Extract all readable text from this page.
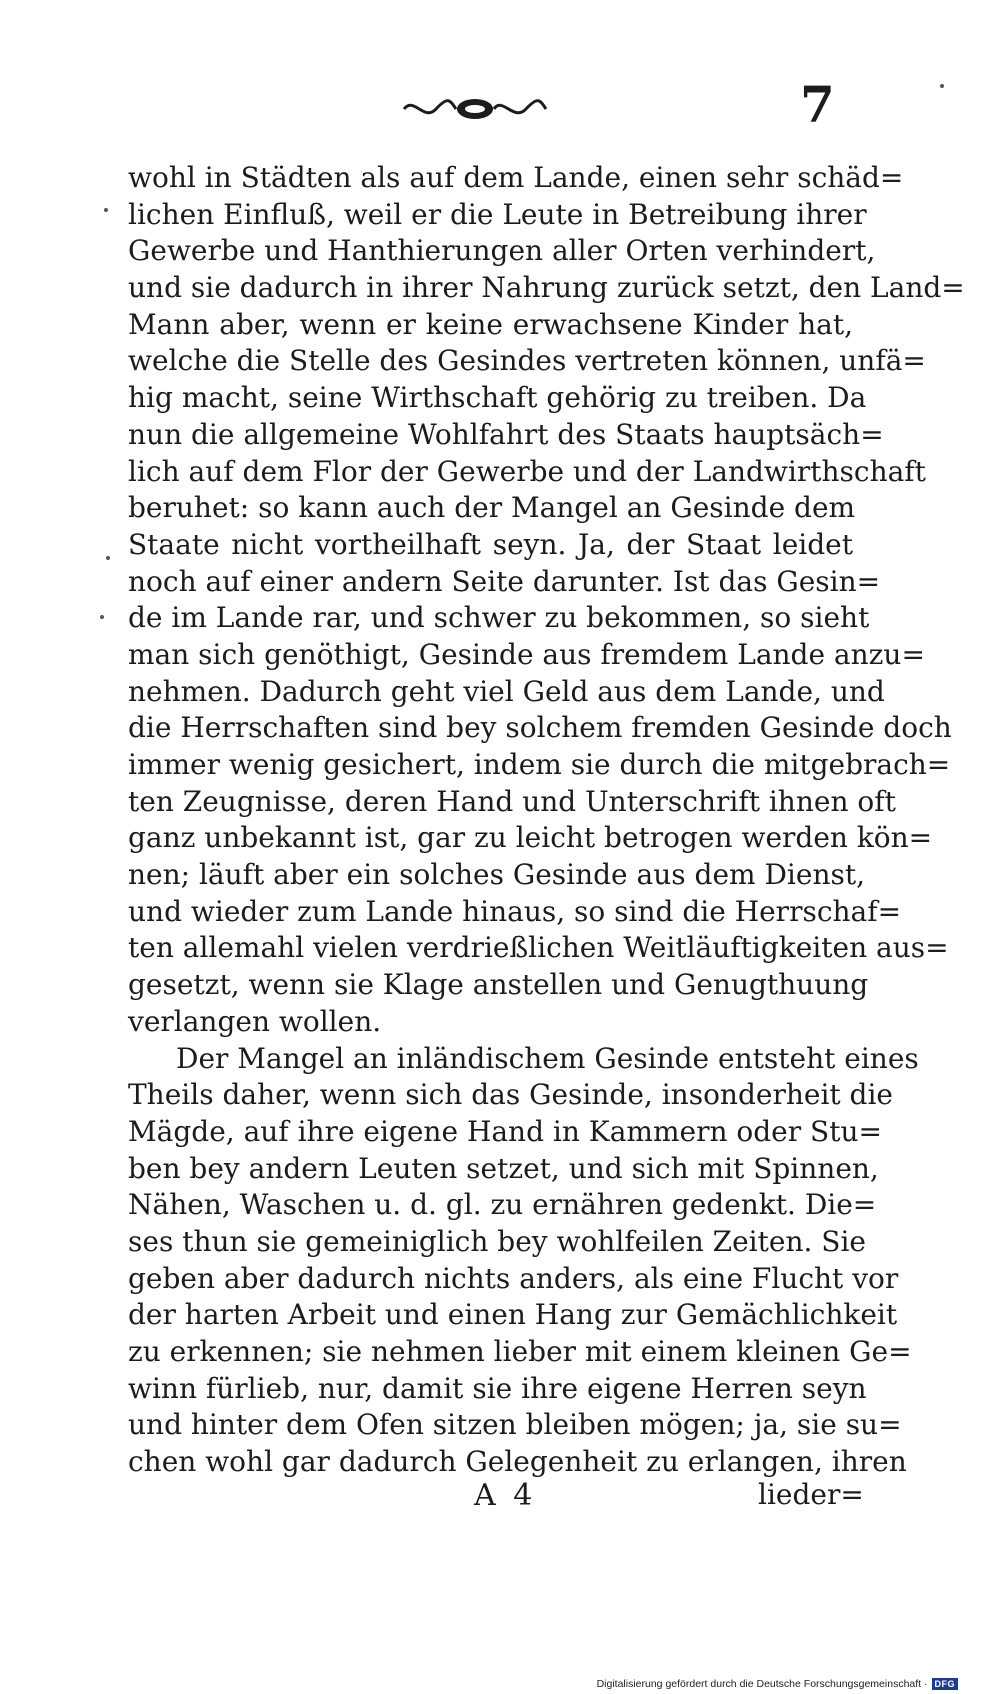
7
wohl in Städten als auf dem Lande, einen sehr schäd=
lichen Einfluß, weil er die Leute in Betreibung ihrer
Gewerbe und Hanthierungen aller Orten verhindert,
und sie dadurch in ihrer Nahrung zurück setzt, den Land=
Mann aber, wenn er keine erwachsene Kinder hat,
welche die Stelle des Gesindes vertreten können, unfä=
hig macht, seine Wirthschaft gehörig zu treiben. Da
nun die allgemeine Wohlfahrt des Staats hauptsäch=
lich auf dem Flor der Gewerbe und der Landwirthschaft
beruhet: so kann auch der Mangel an Gesinde dem
Staate nicht vortheilhaft seyn. Ja, der Staat leidet
noch auf einer andern Seite darunter. Ist das Gesin=
de im Lande rar, und schwer zu bekommen, so sieht
man sich genöthigt, Gesinde aus fremdem Lande anzu=
nehmen. Dadurch geht viel Geld aus dem Lande, und
die Herrschaften sind bey solchem fremden Gesinde doch
immer wenig gesichert, indem sie durch die mitgebrach=
ten Zeugnisse, deren Hand und Unterschrift ihnen oft
ganz unbekannt ist, gar zu leicht betrogen werden kön=
nen; läuft aber ein solches Gesinde aus dem Dienst,
und wieder zum Lande hinaus, so sind die Herrschaf=
ten allemahl vielen verdrießlichen Weitläuftigkeiten aus=
gesetzt, wenn sie Klage anstellen und Genugthuung
verlangen wollen.
Der Mangel an inländischem Gesinde entsteht eines
Theils daher, wenn sich das Gesinde, insonderheit die
Mägde, auf ihre eigene Hand in Kammern oder Stu=
ben bey andern Leuten setzet, und sich mit Spinnen,
Nähen, Waschen u. d. gl. zu ernähren gedenkt. Die=
ses thun sie gemeiniglich bey wohlfeilen Zeiten. Sie
geben aber dadurch nichts anders, als eine Flucht vor
der harten Arbeit und einen Hang zur Gemächlichkeit
zu erkennen; sie nehmen lieber mit einem kleinen Ge=
winn fürlieb, nur, damit sie ihre eigene Herren seyn
und hinter dem Ofen sitzen bleiben mögen; ja, sie su=
chen wohl gar dadurch Gelegenheit zu erlangen, ihren
A 4	lieder=
Digitalisierung gefördert durch die Deutsche Forschungsgemeinschaft · DFG
